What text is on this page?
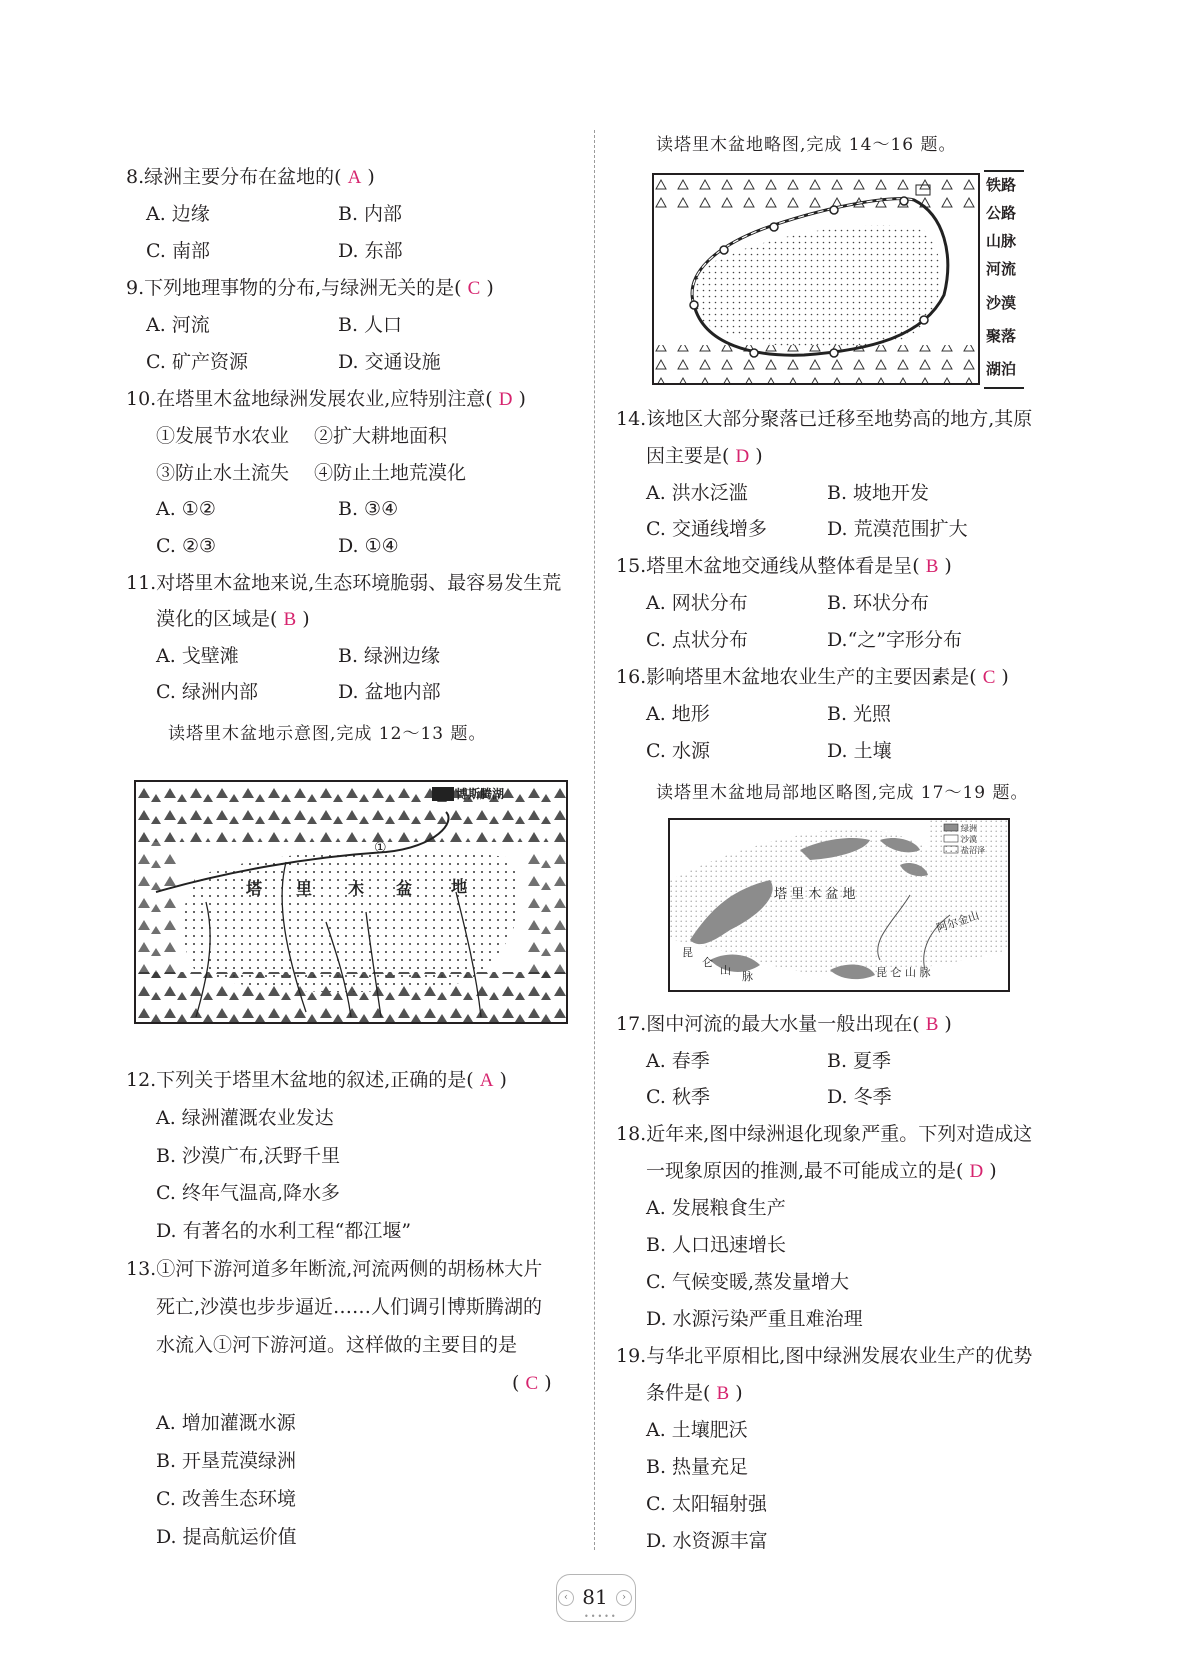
8.绿洲主要分布在盆地的( A )
A. 边缘	B. 内部
C. 南部	D. 东部
9.下列地理事物的分布,与绿洲无关的是( C )
A. 河流	B. 人口
C. 矿产资源	D. 交通设施
10.在塔里木盆地绿洲发展农业,应特别注意( D )
①发展节水农业 ②扩大耕地面积
③防止水土流失 ④防止土地荒漠化
A. ①②	B. ③④
C. ②③	D. ①④
11.对塔里木盆地来说,生态环境脆弱、最容易发生荒
漠化的区域是( B )
A. 戈壁滩	B. 绿洲边缘
C. 绿洲内部	D. 盆地内部
读塔里木盆地示意图,完成 12～13 题。
博斯腾湖
①
塔 里 木 盆 地
12.下列关于塔里木盆地的叙述,正确的是( A )
A. 绿洲灌溉农业发达
B. 沙漠广布,沃野千里
C. 终年气温高,降水多
D. 有著名的水利工程“都江堰”
13.①河下游河道多年断流,河流两侧的胡杨林大片
死亡,沙漠也步步逼近……人们调引博斯腾湖的
水流入①河下游河道。这样做的主要目的是
( C )
A. 增加灌溉水源
B. 开垦荒漠绿洲
C. 改善生态环境
D. 提高航运价值
读塔里木盆地略图,完成 14～16 题。
铁路
公路
山脉
河流
沙漠
聚落
湖泊
14.该地区大部分聚落已迁移至地势高的地方,其原
因主要是( D )
A. 洪水泛滥	B. 坡地开发
C. 交通线增多	D. 荒漠范围扩大
15.塔里木盆地交通线从整体看是呈( B )
A. 网状分布	B. 环状分布
C. 点状分布	D.“之”字形分布
16.影响塔里木盆地农业生产的主要因素是( C )
A. 地形	B. 光照
C. 水源	D. 土壤
读塔里木盆地局部地区略图,完成 17～19 题。
绿洲
沙漠
盐沼泽
塔 里 木 盆 地
阿尔金山
昆 仑 山 脉
昆
仑
山 脉
17.图中河流的最大水量一般出现在( B )
A. 春季	B. 夏季
C. 秋季	D. 冬季
18.近年来,图中绿洲退化现象严重。下列对造成这
一现象原因的推测,最不可能成立的是( D )
A. 发展粮食生产
B. 人口迅速增长
C. 气候变暖,蒸发量增大
D. 水源污染严重且难治理
19.与华北平原相比,图中绿洲发展农业生产的优势
条件是( B )
A. 土壤肥沃
B. 热量充足
C. 太阳辐射强
D. 水资源丰富
‹	›
81
•••••
